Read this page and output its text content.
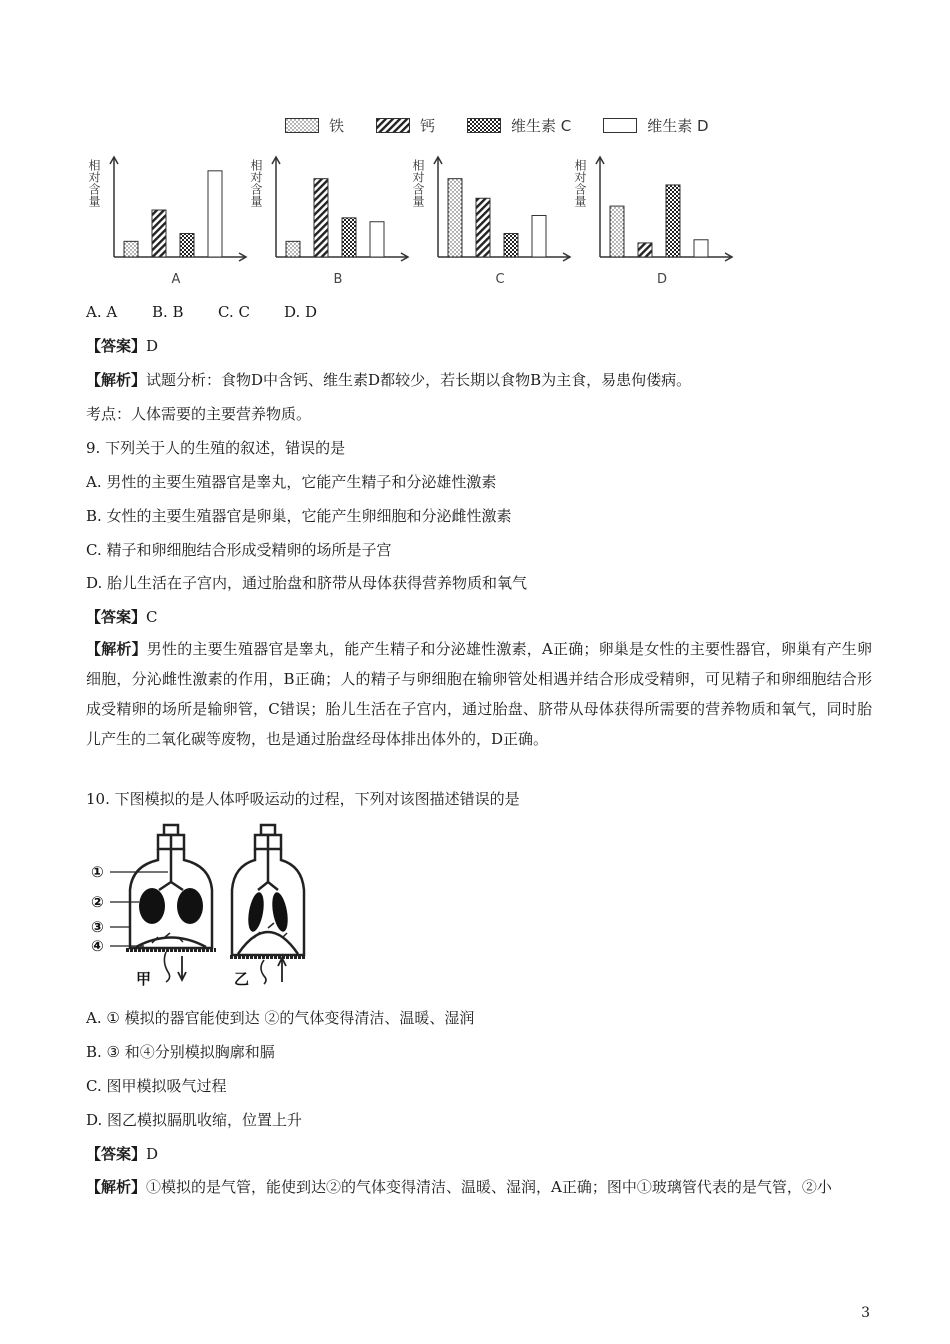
铁	钙	维生素 C	维生素 D
相对含量
A
相对含量
B
相对含量
C
相对含量
D
A. A B. B C. C D. D
【答案】D
【解析】试题分析：食物D中含钙、维生素D都较少，若长期以食物B为主食，易患佝偻病。
考点：人体需要的主要营养物质。
9. 下列关于人的生殖的叙述，错误的是
A. 男性的主要生殖器官是睾丸，它能产生精子和分泌雄性激素
B. 女性的主要生殖器官是卵巢，它能产生卵细胞和分泌雌性激素
C. 精子和卵细胞结合形成受精卵的场所是子宫
D. 胎儿生活在子宫内，通过胎盘和脐带从母体获得营养物质和氧气
【答案】C
【解析】男性的主要生殖器官是睾丸，能产生精子和分泌雄性激素，A正确；卵巢是女性的主要性器官，卵巢有产生卵细胞，分沁雌性激素的作用，B正确；人的精子与卵细胞在输卵管处相遇并结合形成受精卵，可见精子和卵细胞结合形成受精卵的场所是输卵管，C错误；胎儿生活在子宫内，通过胎盘、脐带从母体获得所需要的营养物质和氧气，同时胎儿产生的二氧化碳等废物，也是通过胎盘经母体排出体外的，D正确。
10. 下图模拟的是人体呼吸运动的过程，下列对该图描述错误的是
①
②
③
④
甲	乙
A. ① 模拟的器官能使到达 ②的气体变得清洁、温暖、湿润
B. ③ 和④分别模拟胸廓和膈
C. 图甲模拟吸气过程
D. 图乙模拟膈肌收缩，位置上升
【答案】D
【解析】①模拟的是气管，能使到达②的气体变得清洁、温暖、湿润，A正确；图中①玻璃管代表的是气管，②小
3
